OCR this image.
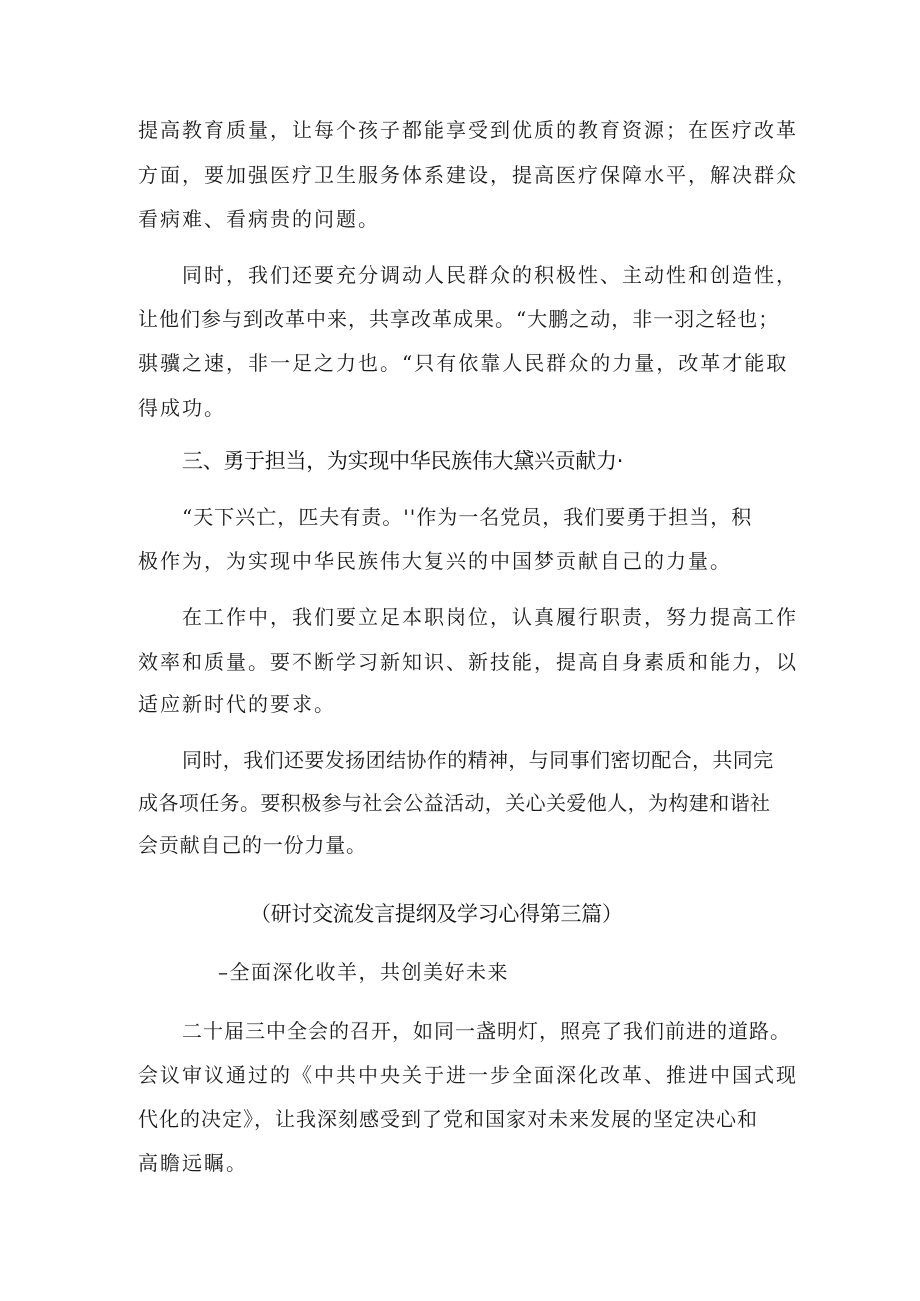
提高教育质量，让每个孩子都能享受到优质的教育资源；在医疗改革
方面，要加强医疗卫生服务体系建设，提高医疗保障水平，解决群众
看病难、看病贵的问题。
同时，我们还要充分调动人民群众的积极性、主动性和创造性，
让他们参与到改革中来，共享改革成果。“大鹏之动，非一羽之轻也；
骐骥之速，非一足之力也。“只有依靠人民群众的力量，改革才能取
得成功。
三、勇于担当，为实现中华民族伟大黛兴贡献力·
“天下兴亡，匹夫有责。''作为一名党员，我们要勇于担当，积
极作为，为实现中华民族伟大复兴的中国梦贡献自己的力量。
在工作中，我们要立足本职岗位，认真履行职责，努力提高工作
效率和质量。要不断学习新知识、新技能，提高自身素质和能力，以
适应新时代的要求。
同时，我们还要发扬团结协作的精神，与同事们密切配合，共同完
成各项任务。要积极参与社会公益活动，关心关爱他人，为构建和谐社
会贡献自己的一份力量。
（研讨交流发言提纲及学习心得第三篇）
–全面深化收羊，共创美好未来
二十届三中全会的召开，如同一盏明灯，照亮了我们前进的道路。
会议审议通过的《中共中央关于进一步全面深化改革、推进中国式现
代化的决定》，让我深刻感受到了党和国家对未来发展的坚定决心和
高瞻远瞩。
